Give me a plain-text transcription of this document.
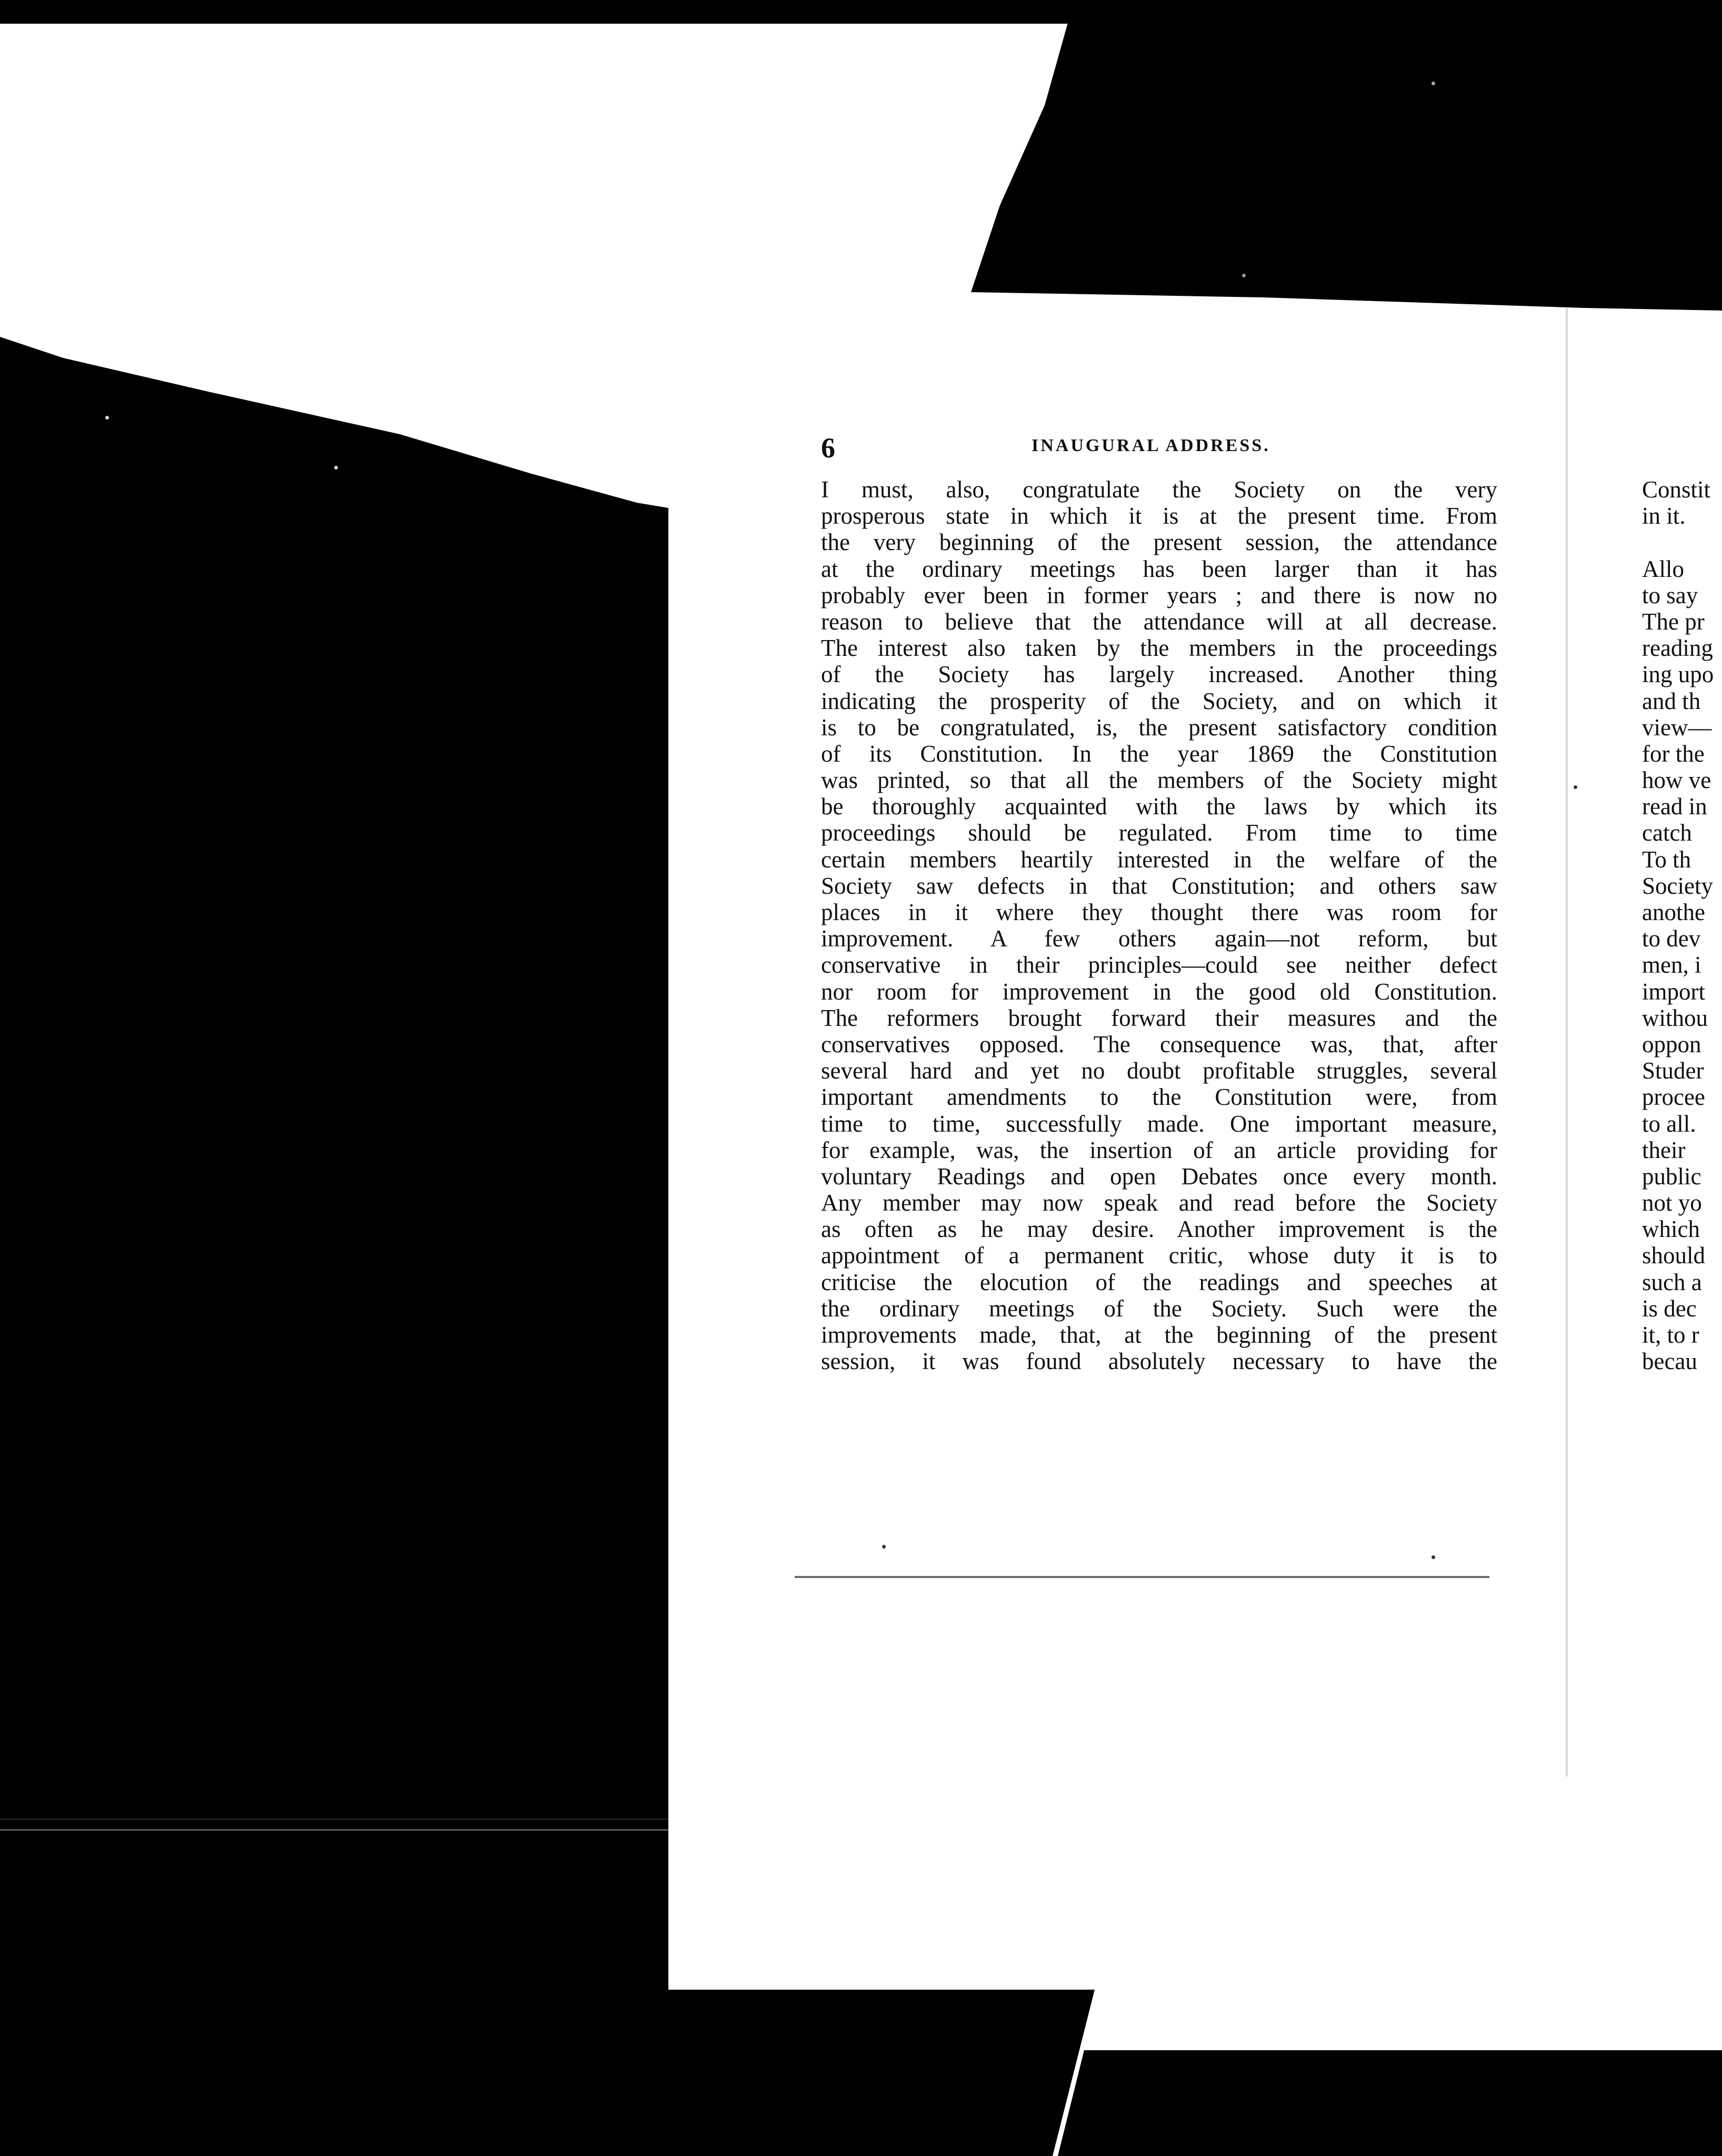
6	INAUGURAL ADDRESS.
I must, also, congratulate the Society on the very
prosperous state in which it is at the present time. From
the very beginning of the present session, the attendance
at the ordinary meetings has been larger than it has
probably ever been in former years ; and there is now no
reason to believe that the attendance will at all decrease.
The interest also taken by the members in the proceedings
of the Society has largely increased. Another thing
indicating the prosperity of the Society, and on which it
is to be congratulated, is, the present satisfactory condition
of its Constitution. In the year 1869 the Constitution
was printed, so that all the members of the Society might
be thoroughly acquainted with the laws by which its
proceedings should be regulated. From time to time
certain members heartily interested in the welfare of the
Society saw defects in that Constitution; and others saw
places in it where they thought there was room for
improvement. A few others again—not reform, but
conservative in their principles—could see neither defect
nor room for improvement in the good old Constitution.
The reformers brought forward their measures and the
conservatives opposed. The consequence was, that, after
several hard and yet no doubt profitable struggles, several
important amendments to the Constitution were, from
time to time, successfully made. One important measure,
for example, was, the insertion of an article providing for
voluntary Readings and open Debates once every month.
Any member may now speak and read before the Society
as often as he may desire. Another improvement is the
appointment of a permanent critic, whose duty it is to
criticise the elocution of the readings and speeches at
the ordinary meetings of the Society. Such were the
improvements made, that, at the beginning of the present
session, it was found absolutely necessary to have the
Constit
in it.
Allo
to say
The pr
reading
ing upo
and th
view—
for the
how ve
read in
catch
To th
Society
anothe
to dev
men, i
import
withou
oppon
Studer
procee
to all.
their
public
not yo
which
should
such a
is dec
it, to r
becau
